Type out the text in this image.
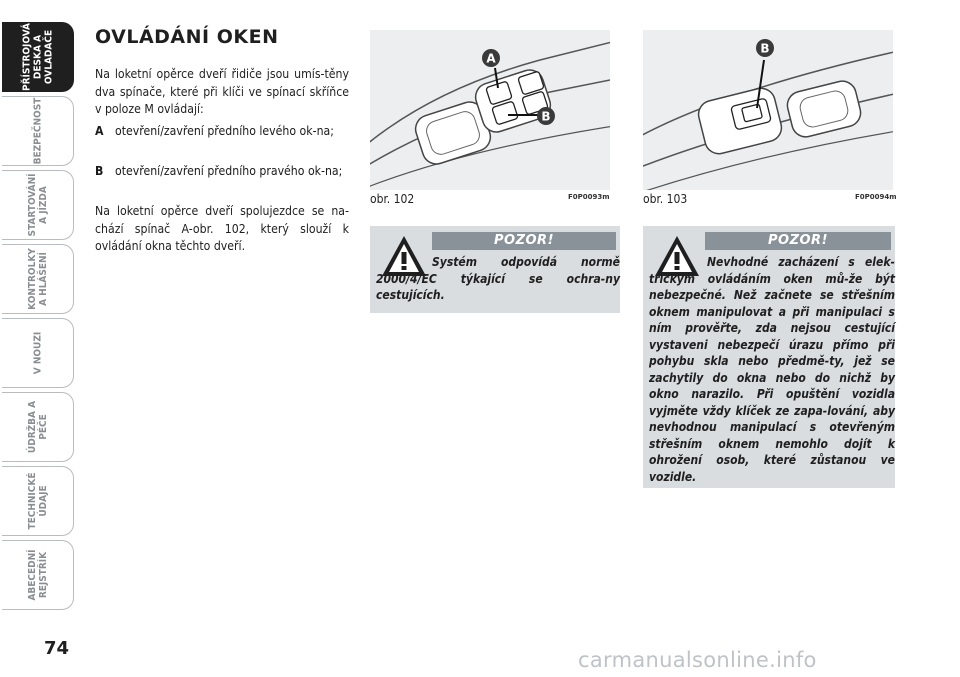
PŘÍSTROJOVÁ
DESKA A
OVLADAČE
BEZPEČNOST
STARTOVÁNÍ
A JÍZDA
KONTROLKY
A HLÁŠENÍ
V NOUZI
ÚDRŽBA A
PÉČE
TECHNICKÉ
ÚDAJE
ABECEDNÍ
REJSTŘÍK
74
OVLÁDÁNÍ OKEN
Na loketní opěrce dveří řidiče jsou umís-těny dva spínače, které při klíči ve spínací skříňce v poloze M ovládají:
A otevření/zavření předního levého ok-na;
B otevření/zavření předního pravého ok-na;
Na loketní opěrce dveří spolujezdce se na-chází spínač A-obr. 102, který slouží k ovládání okna těchto dveří.
A
B
obr. 102	F0P0093m
B
obr. 103	F0P0094m
POZOR!
Systém odpovídá normě 2000/4/EC týkající se ochra-ny cestujících.
POZOR!
Nevhodné zacházení s elek-trickým ovládáním oken mů-že být nebezpečné. Než začnete se střešním oknem manipulovat a při manipulaci s ním prověřte, zda nejsou cestující vystaveni nebezpečí úrazu přímo při pohybu skla nebo předmě-ty, jež se zachytily do okna nebo do nichž by okno narazilo. Při opuštění vozidla vyjměte vždy klíček ze zapa-lování, aby nevhodnou manipulací s otevřeným střešním oknem nemohlo dojít k ohrožení osob, které zůstanou ve vozidle.
carmanualsonline.info
